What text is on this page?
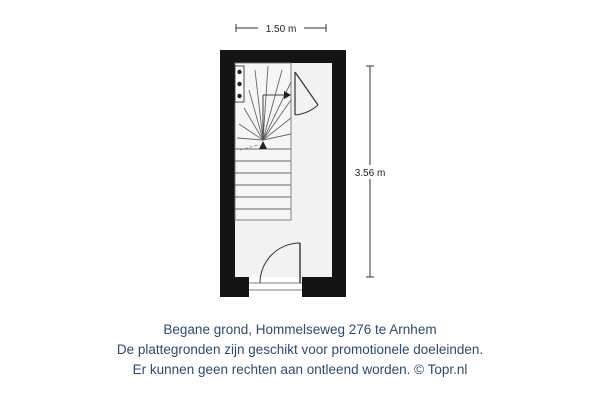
1.50 m
3.56 m
Begane grond, Hommelseweg 276 te Arnhem
De plattegronden zijn geschikt voor promotionele doeleinden.
Er kunnen geen rechten aan ontleend worden. © Topr.nl
